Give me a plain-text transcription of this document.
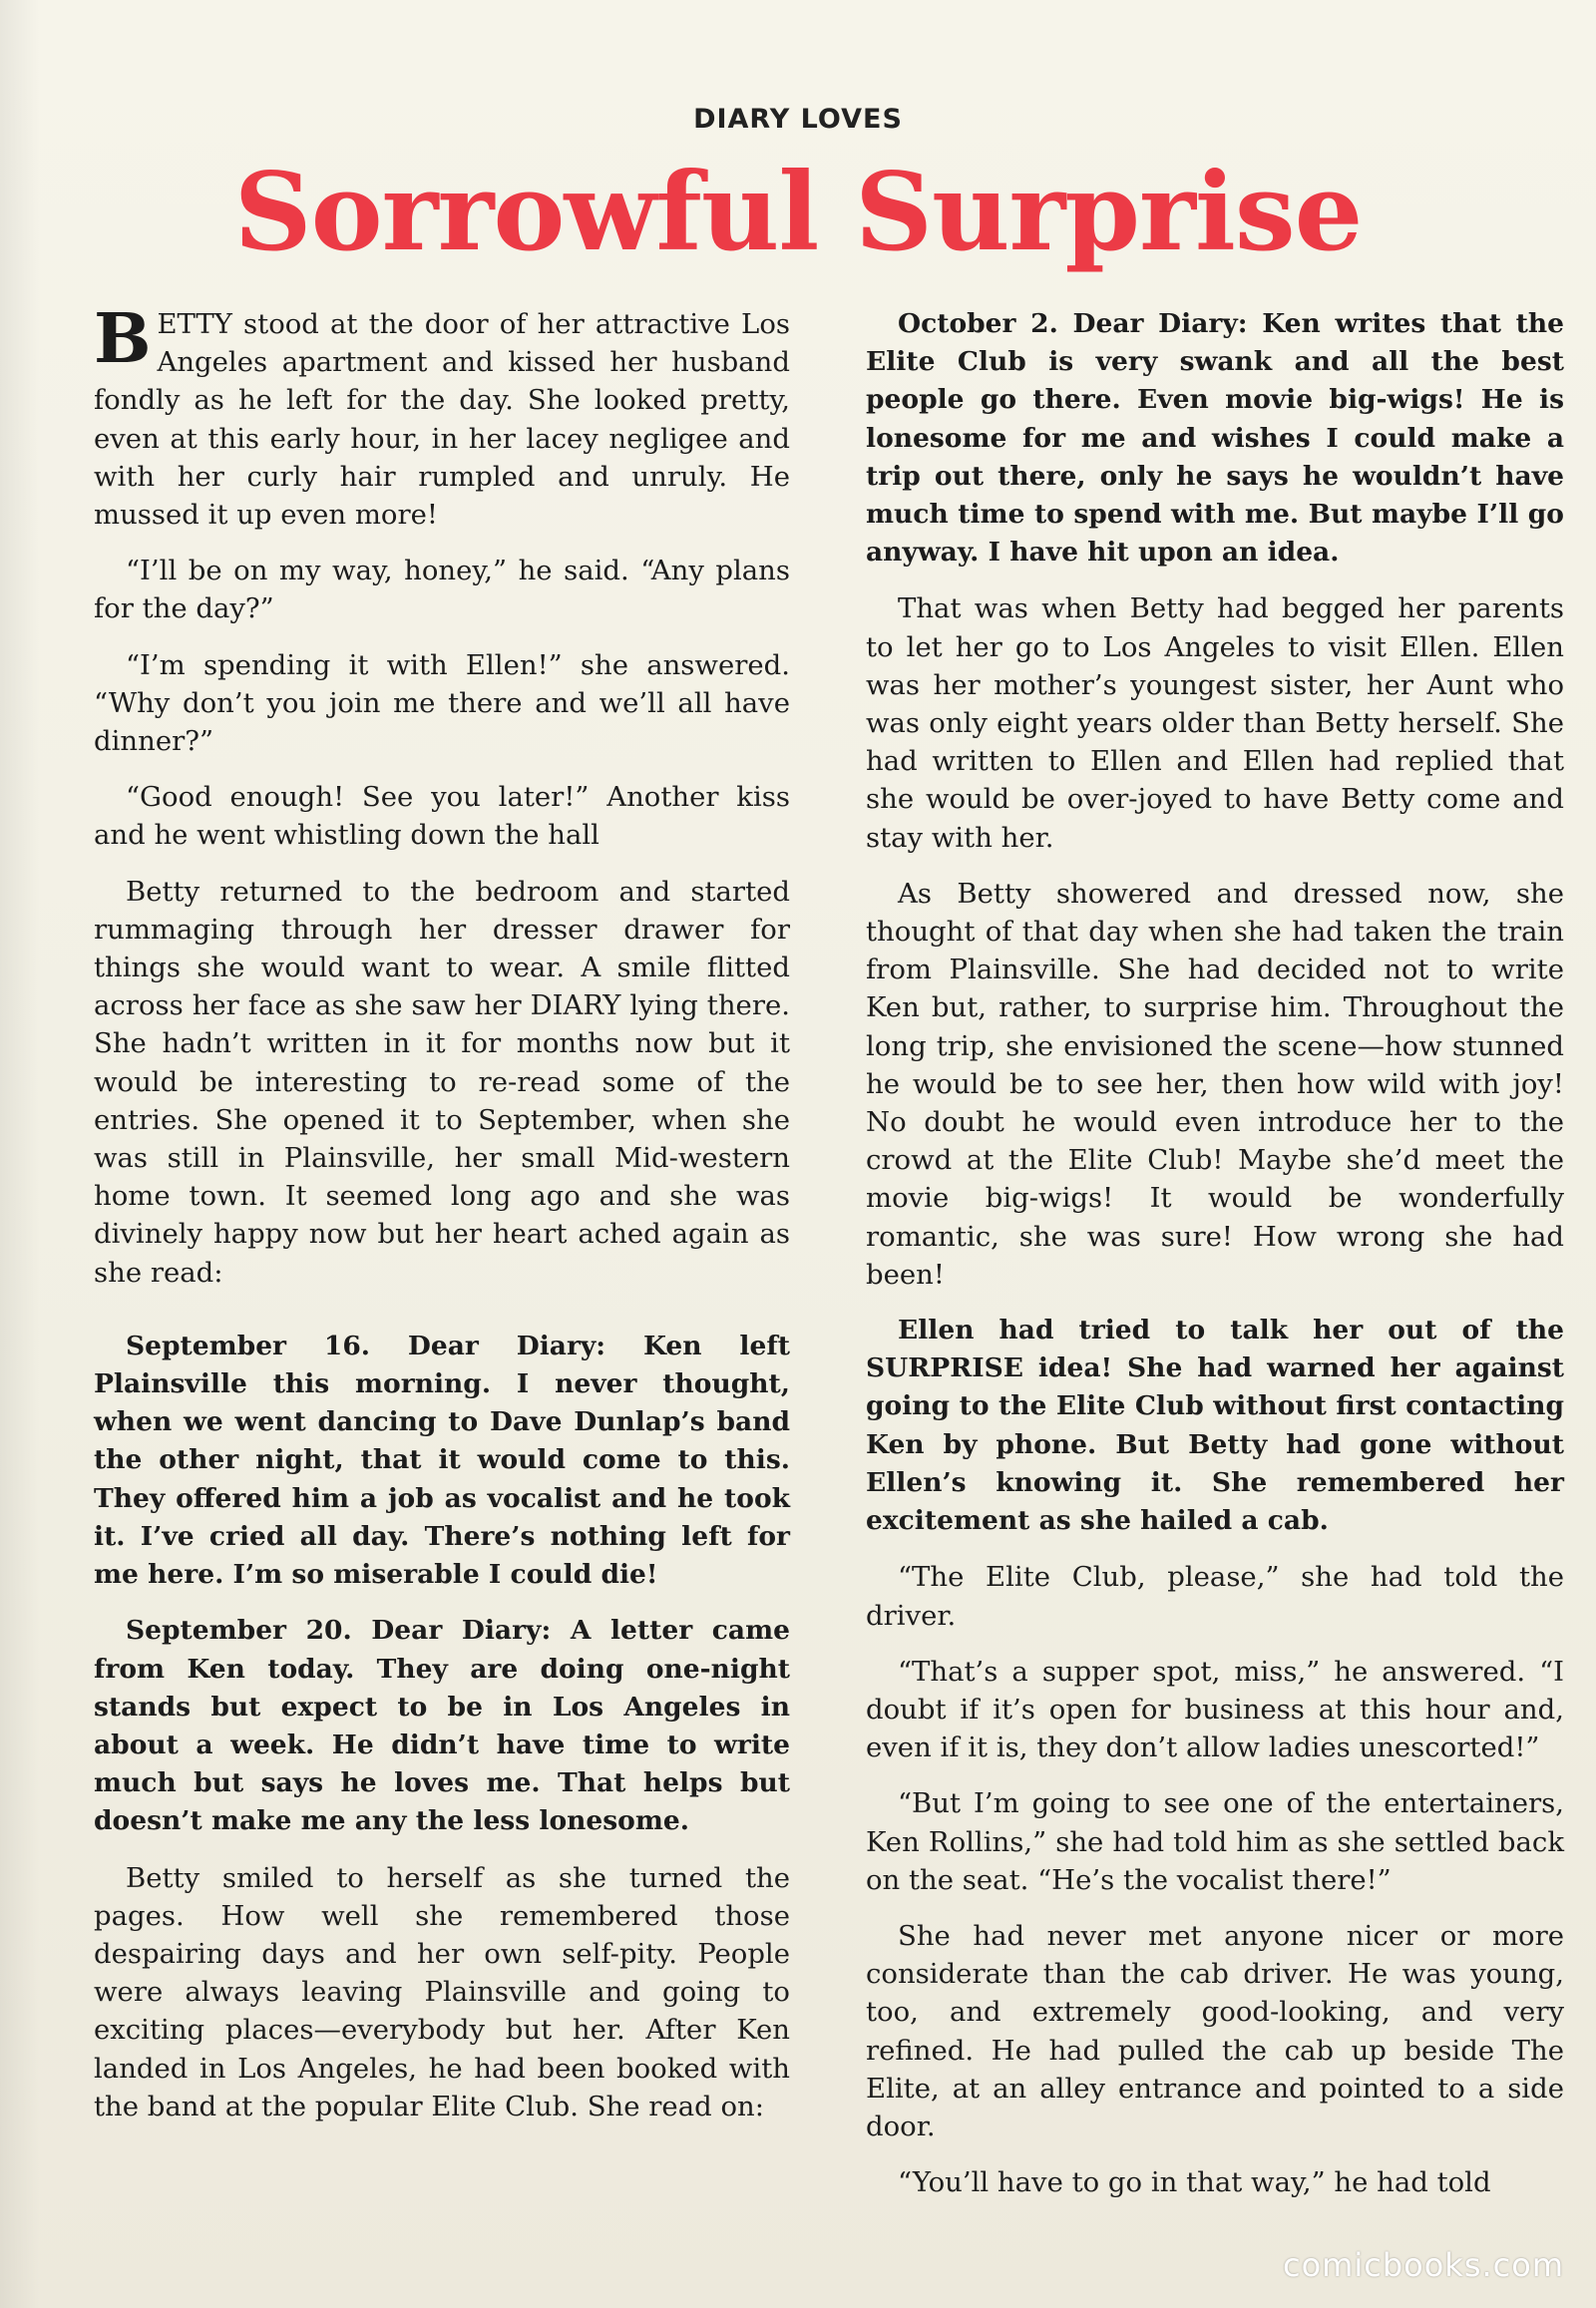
DIARY LOVES
Sorrowful Surprise

BETTY stood at the door of her attractive Los Angeles apartment and kissed her husband fondly as he left for the day. She looked pretty, even at this early hour, in her lacey negligee and with her curly hair rumpled and unruly. He mussed it up even more!

“I’ll be on my way, honey,” he said. “Any plans for the day?”

“I’m spending it with Ellen!” she answered. “Why don’t you join me there and we’ll all have dinner?”

“Good enough! See you later!” Another kiss and he went whistling down the hall

Betty returned to the bedroom and started rummaging through her dresser drawer for things she would want to wear. A smile flitted across her face as she saw her DIARY lying there. She hadn’t written in it for months now but it would be interesting to re-read some of the entries. She opened it to September, when she was still in Plainsville, her small Mid-western home town. It seemed long ago and she was divinely happy now but her heart ached again as she read:

September 16. Dear Diary: Ken left Plainsville this morning. I never thought, when we went dancing to Dave Dunlap’s band the other night, that it would come to this. They offered him a job as vocalist and he took it. I’ve cried all day. There’s nothing left for me here. I’m so miserable I could die!

September 20. Dear Diary: A letter came from Ken today. They are doing one-night stands but expect to be in Los Angeles in about a week. He didn’t have time to write much but says he loves me. That helps but doesn’t make me any the less lonesome.

Betty smiled to herself as she turned the pages. How well she remembered those despairing days and her own self-pity. People were always leaving Plainsville and going to exciting places—everybody but her. After Ken landed in Los Angeles, he had been booked with the band at the popular Elite Club. She read on:

October 2. Dear Diary: Ken writes that the Elite Club is very swank and all the best people go there. Even movie big-wigs! He is lonesome for me and wishes I could make a trip out there, only he says he wouldn’t have much time to spend with me. But maybe I’ll go anyway. I have hit upon an idea.

That was when Betty had begged her parents to let her go to Los Angeles to visit Ellen. Ellen was her mother’s youngest sister, her Aunt who was only eight years older than Betty herself. She had written to Ellen and Ellen had replied that she would be over-joyed to have Betty come and stay with her.

As Betty showered and dressed now, she thought of that day when she had taken the train from Plainsville. She had decided not to write Ken but, rather, to surprise him. Throughout the long trip, she envisioned the scene—how stunned he would be to see her, then how wild with joy! No doubt he would even introduce her to the crowd at the Elite Club! Maybe she’d meet the movie big-wigs! It would be wonderfully romantic, she was sure! How wrong she had been!

Ellen had tried to talk her out of the SURPRISE idea! She had warned her against going to the Elite Club without first contacting Ken by phone. But Betty had gone without Ellen’s knowing it. She remembered her excitement as she hailed a cab.

“The Elite Club, please,” she had told the driver.

“That’s a supper spot, miss,” he answered. “I doubt if it’s open for business at this hour and, even if it is, they don’t allow ladies unescorted!”

“But I’m going to see one of the entertainers, Ken Rollins,” she had told him as she settled back on the seat. “He’s the vocalist there!”

She had never met anyone nicer or more considerate than the cab driver. He was young, too, and extremely good-looking, and very refined. He had pulled the cab up beside The Elite, at an alley entrance and pointed to a side door.

“You’ll have to go in that way,” he had told

comicbooks.com
